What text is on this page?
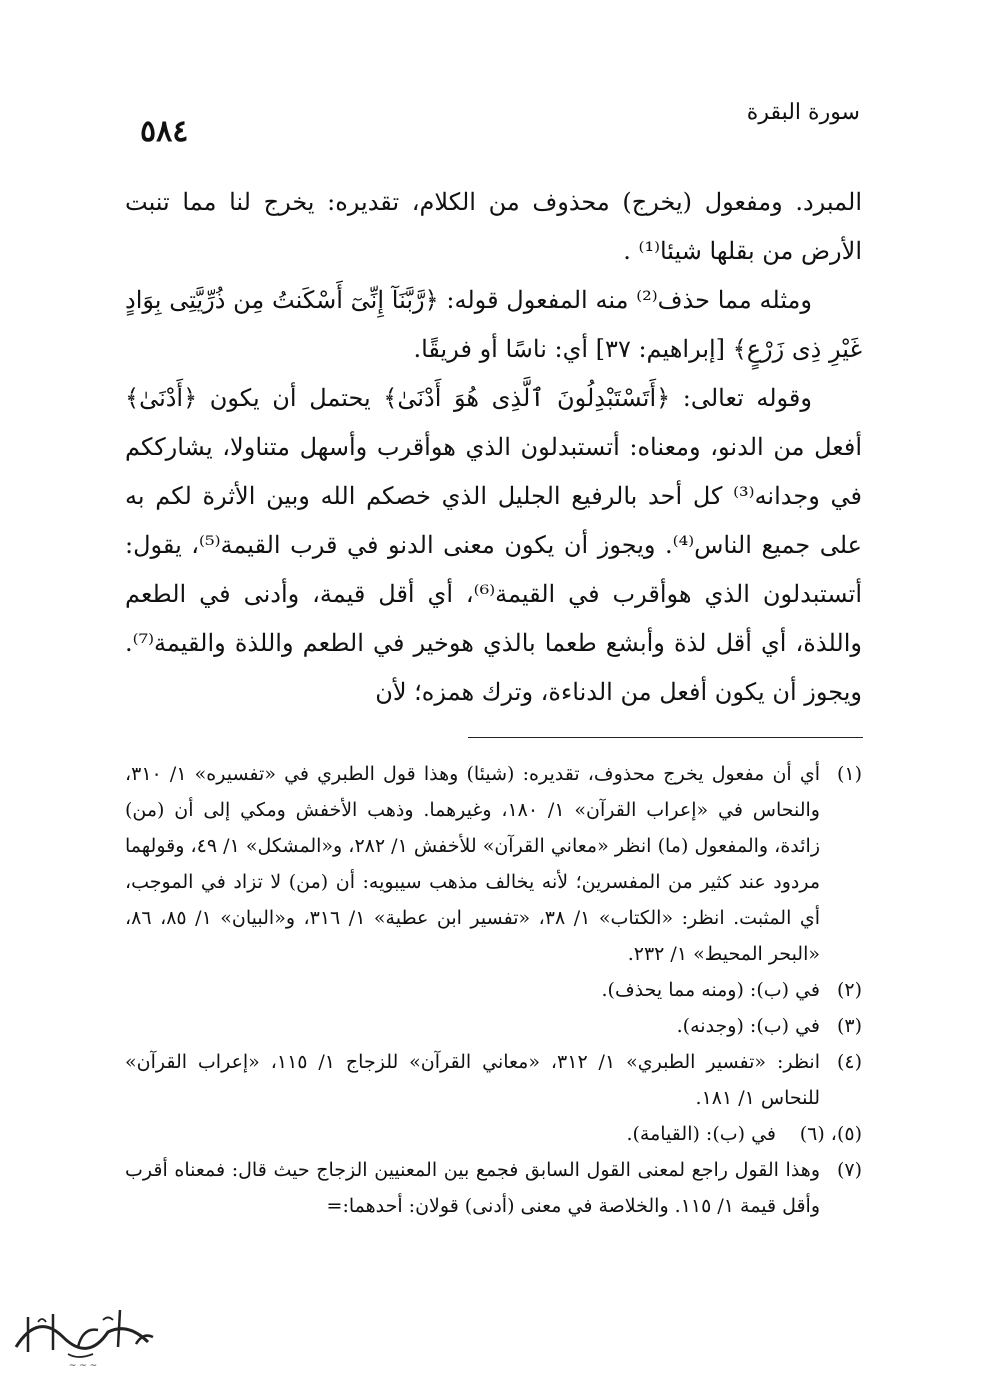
٥٨٤
سورة البقرة

المبرد. ومفعول (يخرج) محذوف من الكلام، تقديره: يخرج لنا مما تنبت الأرض من بقلها شيئا⁽¹⁾ .

ومثله مما حذف⁽²⁾ منه المفعول قوله: ﴿رَّبَّنَآ إِنِّىٓ أَسْكَنتُ مِن ذُرِّيَّتِى بِوَادٍ غَيْرِ ذِى زَرْعٍ﴾ [إبراهيم: ٣٧] أي: ناسًا أو فريقًا.

وقوله تعالى: ﴿أَتَسْتَبْدِلُونَ ٱلَّذِى هُوَ أَدْنَىٰ﴾ يحتمل أن يكون ﴿أَدْنَىٰ﴾ أفعل من الدنو، ومعناه: أتستبدلون الذي هوأقرب وأسهل متناولا، يشارككم في وجدانه⁽³⁾ كل أحد بالرفيع الجليل الذي خصكم الله وبين الأثرة لكم به على جميع الناس⁽⁴⁾. ويجوز أن يكون معنى الدنو في قرب القيمة⁽⁵⁾، يقول: أتستبدلون الذي هوأقرب في القيمة⁽⁶⁾، أي أقل قيمة، وأدنى في الطعم واللذة، أي أقل لذة وأبشع طعما بالذي هوخير في الطعم واللذة والقيمة⁽⁷⁾. ويجوز أن يكون أفعل من الدناءة، وترك همزه؛ لأن

(١)
أي أن مفعول يخرج محذوف، تقديره: (شيئا) وهذا قول الطبري في «تفسيره» ١/ ٣١٠، والنحاس في «إعراب القرآن» ١/ ١٨٠، وغيرهما. وذهب الأخفش ومكي إلى أن (من) زائدة، والمفعول (ما) انظر «معاني القرآن» للأخفش ١/ ٢٨٢، و«المشكل» ١/ ٤٩، وقولهما مردود عند كثير من المفسرين؛ لأنه يخالف مذهب سيبويه: أن (من) لا تزاد في الموجب، أي المثبت. انظر: «الكتاب» ١/ ٣٨، «تفسير ابن عطية» ١/ ٣١٦، و«البيان» ١/ ٨٥، ٨٦، «البحر المحيط» ١/ ٢٣٢.
(٢)
في (ب): (ومنه مما يحذف).
(٣)
في (ب): (وجدنه).
(٤)
انظر: «تفسير الطبري» ١/ ٣١٢، «معاني القرآن» للزجاج ١/ ١١٥، «إعراب القرآن» للنحاس ١/ ١٨١.
(٥)، (٦)
في (ب): (القيامة).
(٧)
وهذا القول راجع لمعنى القول السابق فجمع بين المعنيين الزجاج حيث قال: فمعناه أقرب وأقل قيمة ١/ ١١٥. والخلاصة في معنى (أدنى) قولان: أحدهما:=
~ ~ ~
